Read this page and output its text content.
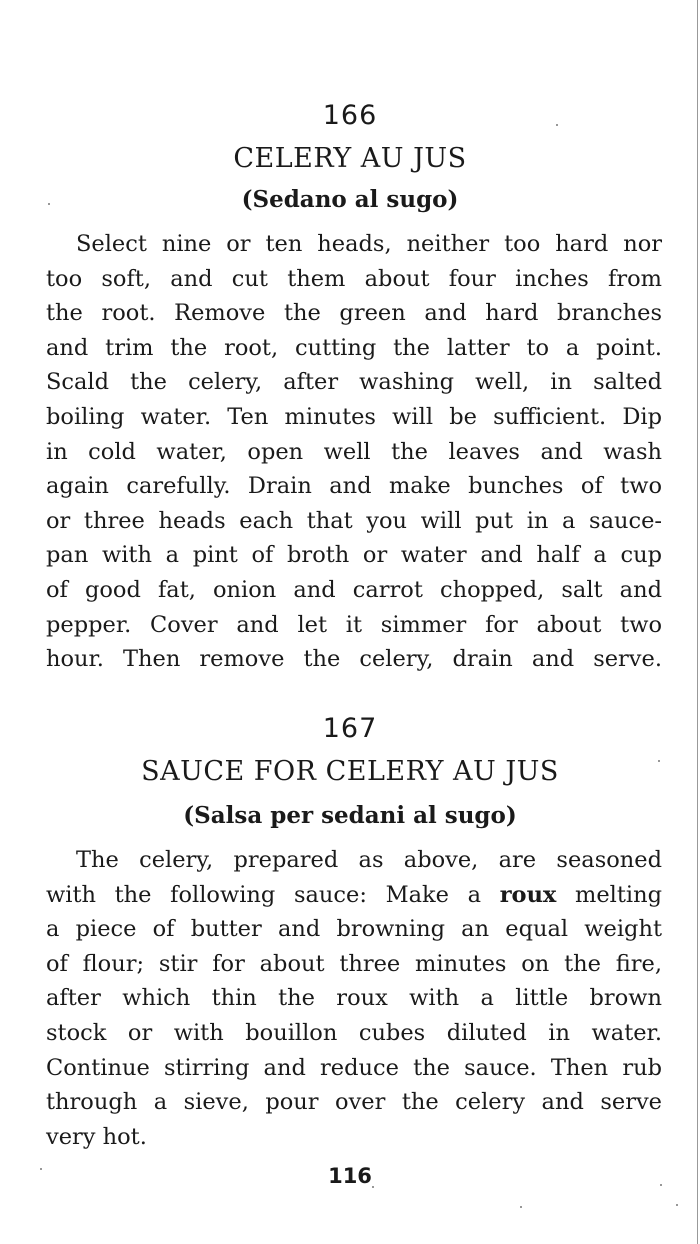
166
CELERY AU JUS
(Sedano al sugo)
Select nine or ten heads, neither too hard nor
too soft, and cut them about four inches from
the root. Remove the green and hard branches
and trim the root, cutting the latter to a point.
Scald the celery, after washing well, in salted
boiling water. Ten minutes will be sufficient. Dip
in cold water, open well the leaves and wash
again carefully. Drain and make bunches of two
or three heads each that you will put in a sauce-
pan with a pint of broth or water and half a cup
of good fat, onion and carrot chopped, salt and
pepper. Cover and let it simmer for about two
hour. Then remove the celery, drain and serve.
167
SAUCE FOR CELERY AU JUS
(Salsa per sedani al sugo)
The celery, prepared as above, are seasoned
with the following sauce: Make a roux melting
a piece of butter and browning an equal weight
of flour; stir for about three minutes on the fire,
after which thin the roux with a little brown
stock or with bouillon cubes diluted in water.
Continue stirring and reduce the sauce. Then rub
through a sieve, pour over the celery and serve
very hot.
116
